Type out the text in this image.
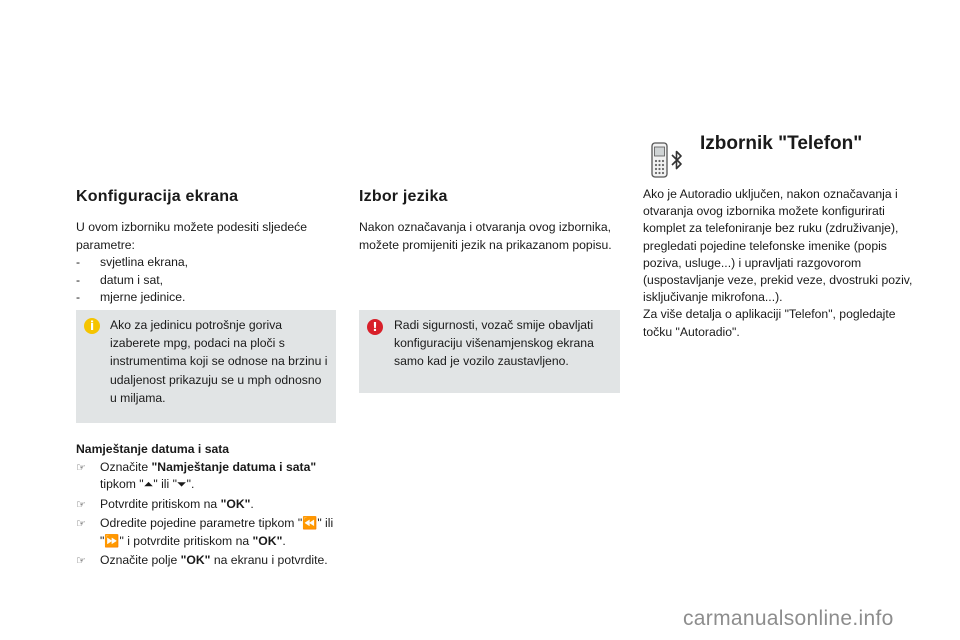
Konfiguracija ekrana

U ovom izborniku možete podesiti sljedeće parametre:

- svjetlina ekrana,
- datum i sat,
- mjerne jedinice.
i	Ako za jedinicu potrošnje goriva izaberete mpg, podaci na ploči s instrumentima koji se odnose na brzinu i udaljenost prikazuju se u mph odnosno u miljama.

Namještanje datuma i sata
☞ Označite "Namještanje datuma i sata" tipkom "⏶" ili "⏷".
☞ Potvrdite pritiskom na "OK".
☞ Odredite pojedine parametre tipkom "⏪" ili "⏩" i potvrdite pritiskom na "OK".
☞ Označite polje "OK" na ekranu i potvrdite.
Izbor jezika

Nakon označavanja i otvaranja ovog izbornika, možete promijeniti jezik na prikazanom popisu.

!	Radi sigurnosti, vozač smije obavljati konfiguraciju višenamjenskog ekrana samo kad je vozilo zaustavljeno.

Izbornik "Telefon"

Ako je Autoradio uključen, nakon označavanja i otvaranja ovog izbornika možete konfigurirati komplet za telefoniranje bez ruku (združivanje), pregledati pojedine telefonske imenike (popis poziva, usluge...) i upravljati razgovorom (uspostavljanje veze, prekid veze, dvostruki poziv, isključivanje mikrofona...).

Za više detalja o aplikaciji "Telefon", pogledajte točku "Autoradio".

carmanualsonline.info
